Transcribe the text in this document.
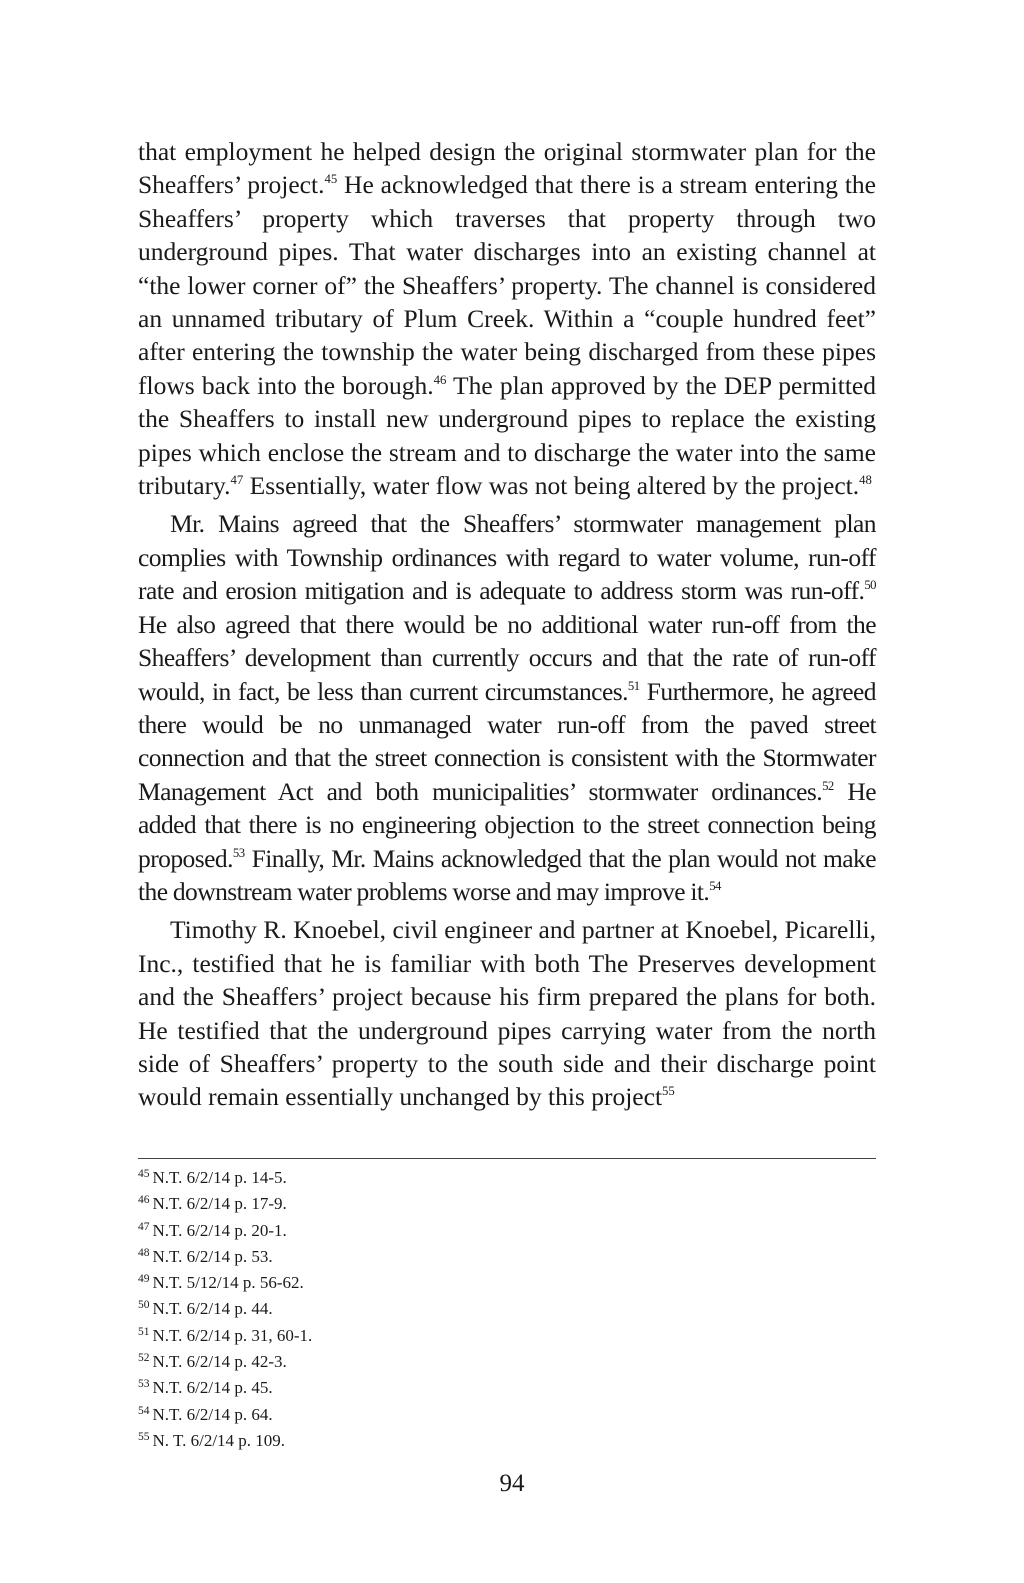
that employment he helped design the original stormwater plan for the Sheaffers’ project.$^{45}$ He acknowledged that there is a stream entering the Sheaffers’ property which traverses that property through two underground pipes. That water discharges into an existing channel at “the lower corner of” the Sheaffers’ property. The channel is considered an unnamed tributary of Plum Creek. Within a “couple hundred feet” after entering the township the water being discharged from these pipes flows back into the borough.$^{46}$ The plan approved by the DEP permitted the Sheaffers to install new underground pipes to replace the existing pipes which enclose the stream and to discharge the water into the same tributary.$^{47}$ Essentially, water flow was not being altered by the project.$^{48}$

Mr. Mains agreed that the Sheaffers’ stormwater management plan complies with Township ordinances with regard to water volume, run-off rate and erosion mitigation and is adequate to address storm was run-off.$^{50}$ He also agreed that there would be no additional water run-off from the Sheaffers’ development than currently occurs and that the rate of run-off would, in fact, be less than current circumstances.$^{51}$ Furthermore, he agreed there would be no unmanaged water run-off from the paved street connection and that the street connection is consistent with the Stormwater Management Act and both municipalities’ stormwater ordinances.$^{52}$ He added that there is no engineering objection to the street connection being proposed.$^{53}$ Finally, Mr. Mains acknowledged that the plan would not make the downstream water problems worse and may improve it.$^{54}$

Timothy R. Knoebel, civil engineer and partner at Knoebel, Picarelli, Inc., testified that he is familiar with both The Preserves development and the Sheaffers’ project because his firm prepared the plans for both. He testified that the underground pipes carrying water from the north side of Sheaffers’ property to the south side and their discharge point would remain essentially unchanged by this project$^{55}$

$^{45}$ N.T. 6/2/14 p. 14-5.
$^{46}$ N.T. 6/2/14 p. 17-9.
$^{47}$ N.T. 6/2/14 p. 20-1.
$^{48}$ N.T. 6/2/14 p. 53.
$^{49}$ N.T. 5/12/14 p. 56-62.
$^{50}$ N.T. 6/2/14 p. 44.
$^{51}$ N.T. 6/2/14 p. 31, 60-1.
$^{52}$ N.T. 6/2/14 p. 42-3.
$^{53}$ N.T. 6/2/14 p. 45.
$^{54}$ N.T. 6/2/14 p. 64.
$^{55}$ N. T. 6/2/14 p. 109.
94
